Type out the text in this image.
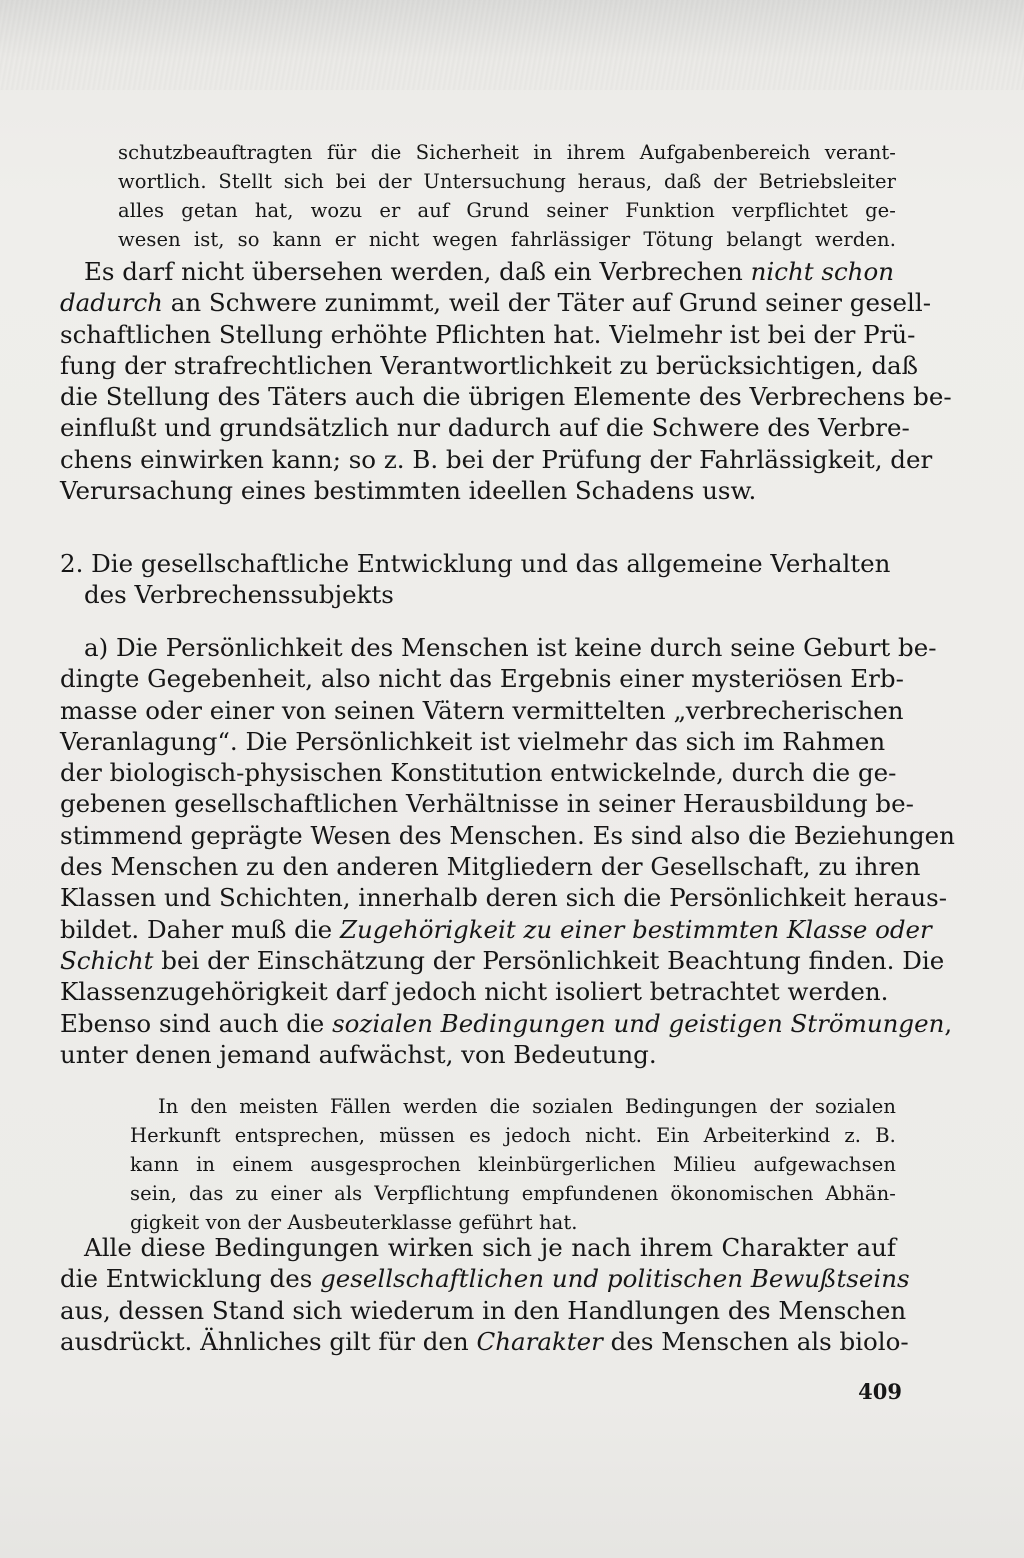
schutzbeauftragten für die Sicherheit in ihrem Aufgabenbereich verant-
wortlich. Stellt sich bei der Untersuchung heraus, daß der Betriebsleiter
alles getan hat, wozu er auf Grund seiner Funktion verpflichtet ge-
wesen ist, so kann er nicht wegen fahrlässiger Tötung belangt werden.
Es darf nicht übersehen werden, daß ein Verbrechen nicht schon
dadurch an Schwere zunimmt, weil der Täter auf Grund seiner gesell-
schaftlichen Stellung erhöhte Pflichten hat. Vielmehr ist bei der Prü-
fung der strafrechtlichen Verantwortlichkeit zu berücksichtigen, daß
die Stellung des Täters auch die übrigen Elemente des Verbrechens be-
einflußt und grundsätzlich nur dadurch auf die Schwere des Verbre-
chens einwirken kann; so z. B. bei der Prüfung der Fahrlässigkeit, der
Verursachung eines bestimmten ideellen Schadens usw.
2. Die gesellschaftliche Entwicklung und das allgemeine Verhalten
des Verbrechenssubjekts
a) Die Persönlichkeit des Menschen ist keine durch seine Geburt be-
dingte Gegebenheit, also nicht das Ergebnis einer mysteriösen Erb-
masse oder einer von seinen Vätern vermittelten „verbrecherischen
Veranlagung“. Die Persönlichkeit ist vielmehr das sich im Rahmen
der biologisch-physischen Konstitution entwickelnde, durch die ge-
gebenen gesellschaftlichen Verhältnisse in seiner Herausbildung be-
stimmend geprägte Wesen des Menschen. Es sind also die Beziehungen
des Menschen zu den anderen Mitgliedern der Gesellschaft, zu ihren
Klassen und Schichten, innerhalb deren sich die Persönlichkeit heraus-
bildet. Daher muß die Zugehörigkeit zu einer bestimmten Klasse oder
Schicht bei der Einschätzung der Persönlichkeit Beachtung finden. Die
Klassenzugehörigkeit darf jedoch nicht isoliert betrachtet werden.
Ebenso sind auch die sozialen Bedingungen und geistigen Strömungen,
unter denen jemand aufwächst, von Bedeutung.
In den meisten Fällen werden die sozialen Bedingungen der sozialen
Herkunft entsprechen, müssen es jedoch nicht. Ein Arbeiterkind z. B.
kann in einem ausgesprochen kleinbürgerlichen Milieu aufgewachsen
sein, das zu einer als Verpflichtung empfundenen ökonomischen Abhän-
gigkeit von der Ausbeuterklasse geführt hat.
Alle diese Bedingungen wirken sich je nach ihrem Charakter auf
die Entwicklung des gesellschaftlichen und politischen Bewußtseins
aus, dessen Stand sich wiederum in den Handlungen des Menschen
ausdrückt. Ähnliches gilt für den Charakter des Menschen als biolo-
409
